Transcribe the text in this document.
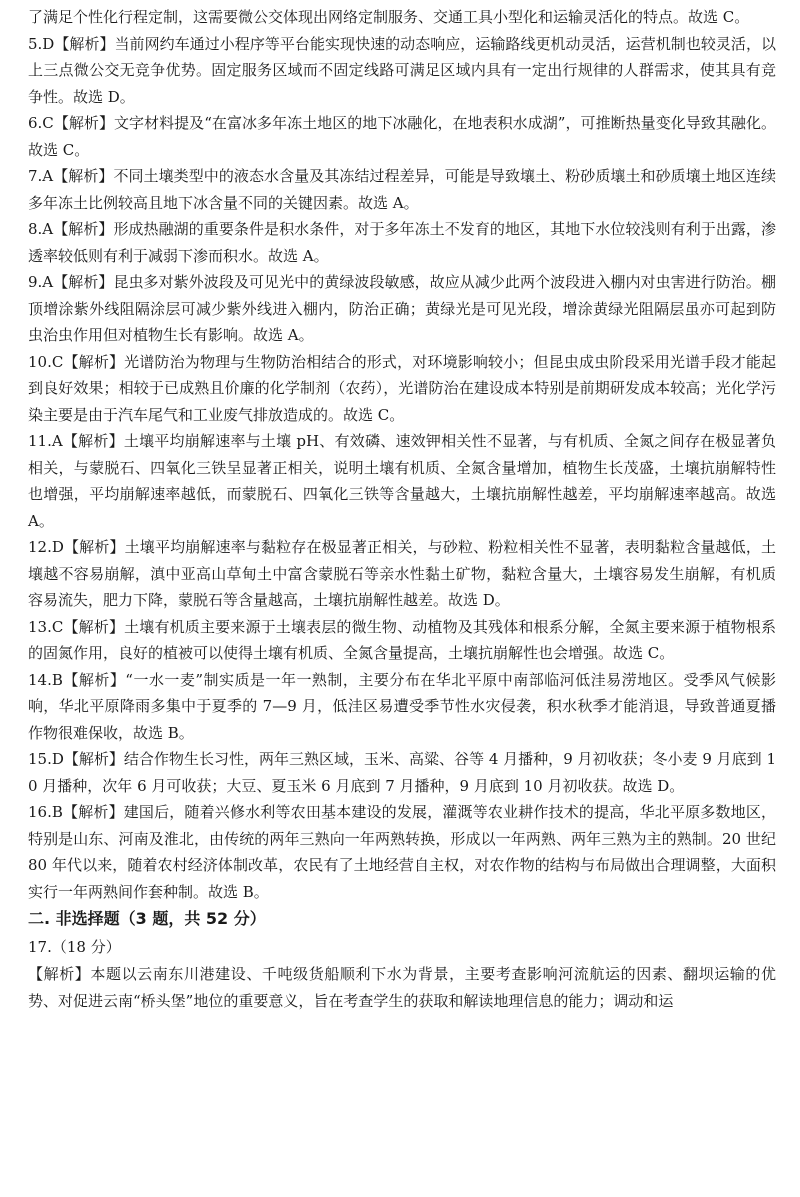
了满足个性化行程定制，这需要微公交体现出网络定制服务、交通工具小型化和运输灵活化的特点。故选 C。

5.D【解析】当前网约车通过小程序等平台能实现快速的动态响应，运输路线更机动灵活，运营机制也较灵活，以上三点微公交无竞争优势。固定服务区域而不固定线路可满足区域内具有一定出行规律的人群需求，使其具有竞争性。故选 D。

6.C【解析】文字材料提及“在富冰多年冻土地区的地下冰融化，在地表积水成湖”，可推断热量变化导致其融化。故选 C。

7.A【解析】不同土壤类型中的液态水含量及其冻结过程差异，可能是导致壤土、粉砂质壤土和砂质壤土地区连续多年冻土比例较高且地下冰含量不同的关键因素。故选 A。

8.A【解析】形成热融湖的重要条件是积水条件，对于多年冻土不发育的地区，其地下水位较浅则有利于出露，渗透率较低则有利于减弱下渗而积水。故选 A。

9.A【解析】昆虫多对紫外波段及可见光中的黄绿波段敏感，故应从减少此两个波段进入棚内对虫害进行防治。棚顶增涂紫外线阻隔涂层可减少紫外线进入棚内，防治正确；黄绿光是可见光段，增涂黄绿光阻隔层虽亦可起到防虫治虫作用但对植物生长有影响。故选 A。

10.C【解析】光谱防治为物理与生物防治相结合的形式，对环境影响较小；但昆虫成虫阶段采用光谱手段才能起到良好效果；相较于已成熟且价廉的化学制剂（农药），光谱防治在建设成本特别是前期研发成本较高；光化学污染主要是由于汽车尾气和工业废气排放造成的。故选 C。

11.A【解析】土壤平均崩解速率与土壤 pH、有效磷、速效钾相关性不显著，与有机质、全氮之间存在极显著负相关，与蒙脱石、四氧化三铁呈显著正相关，说明土壤有机质、全氮含量增加，植物生长茂盛，土壤抗崩解特性也增强，平均崩解速率越低，而蒙脱石、四氧化三铁等含量越大，土壤抗崩解性越差，平均崩解速率越高。故选 A。

12.D【解析】土壤平均崩解速率与黏粒存在极显著正相关，与砂粒、粉粒相关性不显著，表明黏粒含量越低，土壤越不容易崩解，滇中亚高山草甸土中富含蒙脱石等亲水性黏土矿物，黏粒含量大，土壤容易发生崩解，有机质容易流失，肥力下降，蒙脱石等含量越高，土壤抗崩解性越差。故选 D。

13.C【解析】土壤有机质主要来源于土壤表层的微生物、动植物及其残体和根系分解，全氮主要来源于植物根系的固氮作用，良好的植被可以使得土壤有机质、全氮含量提高，土壤抗崩解性也会增强。故选 C。

14.B【解析】“一水一麦”制实质是一年一熟制，主要分布在华北平原中南部临河低洼易涝地区。受季风气候影响，华北平原降雨多集中于夏季的 7—9 月，低洼区易遭受季节性水灾侵袭，积水秋季才能消退，导致普通夏播作物很难保收，故选 B。

15.D【解析】结合作物生长习性，两年三熟区域，玉米、高粱、谷等 4 月播种，9 月初收获；冬小麦 9 月底到 10 月播种，次年 6 月可收获；大豆、夏玉米 6 月底到 7 月播种，9 月底到 10 月初收获。故选 D。

16.B【解析】建国后，随着兴修水利等农田基本建设的发展，灌溉等农业耕作技术的提高，华北平原多数地区，特别是山东、河南及淮北，由传统的两年三熟向一年两熟转换，形成以一年两熟、两年三熟为主的熟制。20 世纪 80 年代以来，随着农村经济体制改革，农民有了土地经营自主权，对农作物的结构与布局做出合理调整，大面积实行一年两熟间作套种制。故选 B。

二. 非选择题（3 题，共 52 分）

17.（18 分）

【解析】本题以云南东川港建设、千吨级货船顺利下水为背景，主要考查影响河流航运的因素、翻坝运输的优势、对促进云南“桥头堡”地位的重要意义，旨在考查学生的获取和解读地理信息的能力；调动和运
